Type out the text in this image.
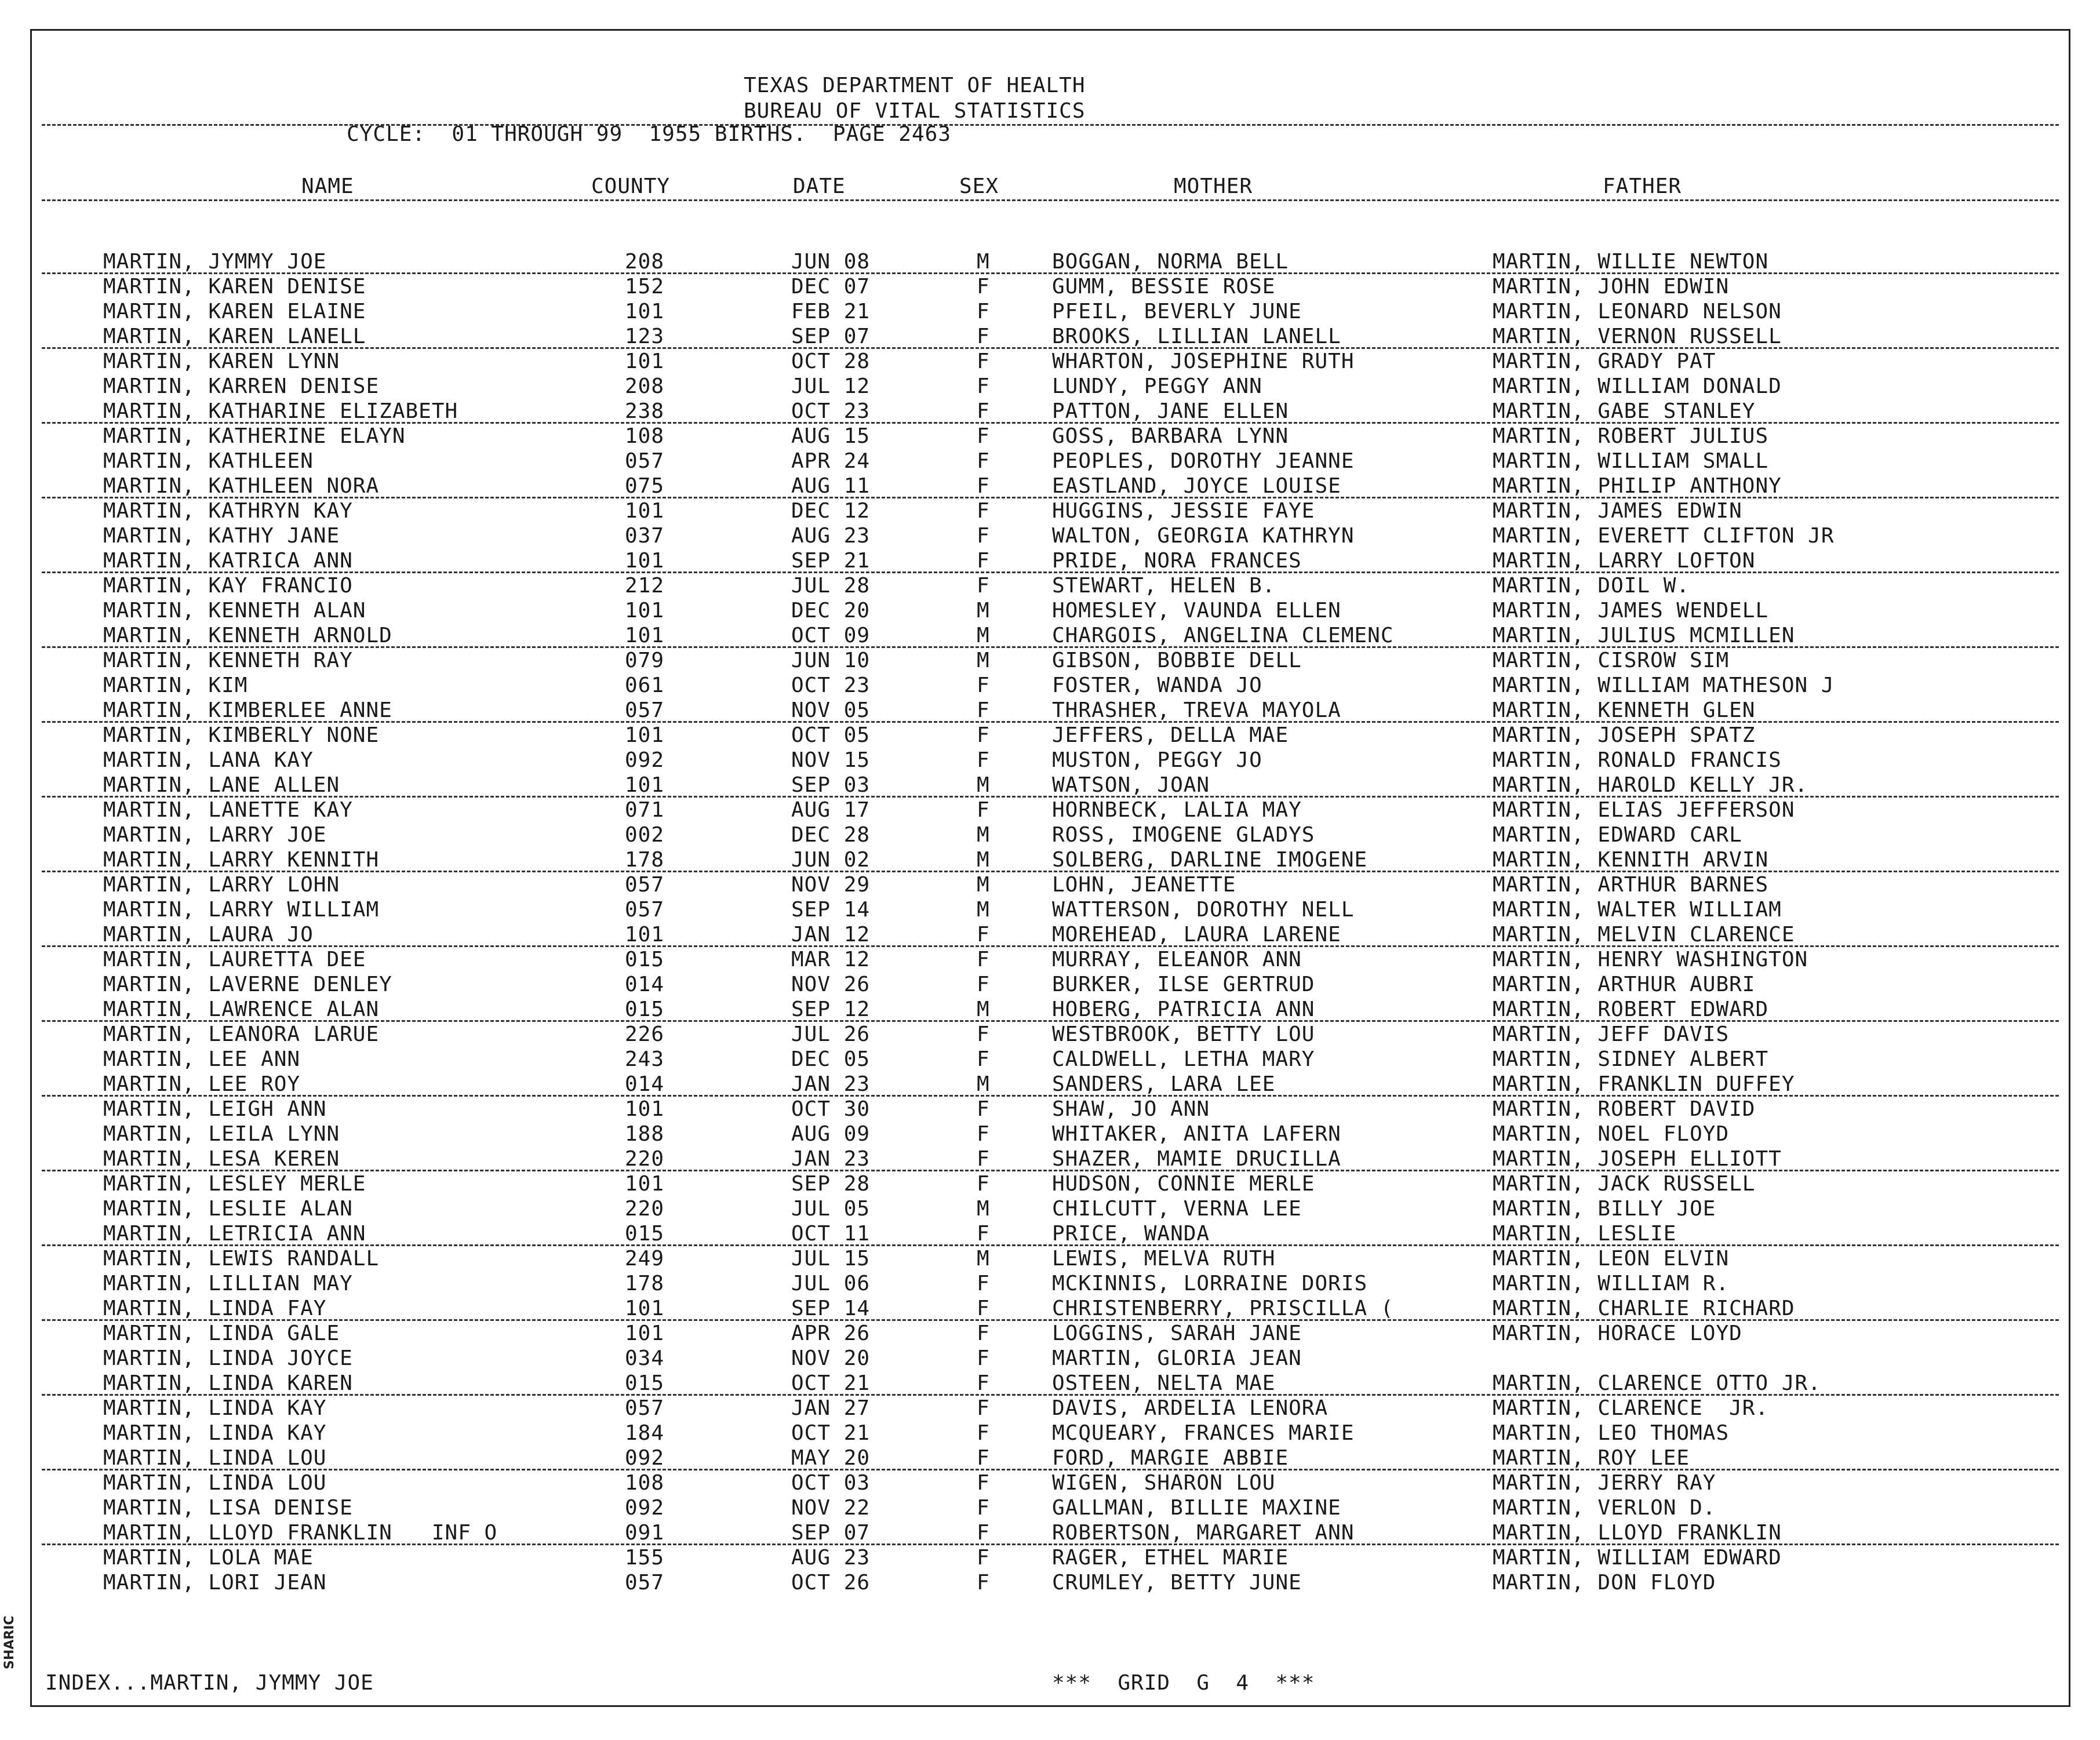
TEXAS DEPARTMENT OF HEALTH
BUREAU OF VITAL STATISTICS
CYCLE:  01 THROUGH 99  1955 BIRTHS.  PAGE 2463
NAME	COUNTY	DATE	SEX	MOTHER	FATHER
MARTIN, JYMMY JOE	208	JUN 08	M	BOGGAN, NORMA BELL	MARTIN, WILLIE NEWTON
MARTIN, KAREN DENISE	152	DEC 07	F	GUMM, BESSIE ROSE	MARTIN, JOHN EDWIN
MARTIN, KAREN ELAINE	101	FEB 21	F	PFEIL, BEVERLY JUNE	MARTIN, LEONARD NELSON
MARTIN, KAREN LANELL	123	SEP 07	F	BROOKS, LILLIAN LANELL	MARTIN, VERNON RUSSELL
MARTIN, KAREN LYNN	101	OCT 28	F	WHARTON, JOSEPHINE RUTH	MARTIN, GRADY PAT
MARTIN, KARREN DENISE	208	JUL 12	F	LUNDY, PEGGY ANN	MARTIN, WILLIAM DONALD
MARTIN, KATHARINE ELIZABETH	238	OCT 23	F	PATTON, JANE ELLEN	MARTIN, GABE STANLEY
MARTIN, KATHERINE ELAYN	108	AUG 15	F	GOSS, BARBARA LYNN	MARTIN, ROBERT JULIUS
MARTIN, KATHLEEN	057	APR 24	F	PEOPLES, DOROTHY JEANNE	MARTIN, WILLIAM SMALL
MARTIN, KATHLEEN NORA	075	AUG 11	F	EASTLAND, JOYCE LOUISE	MARTIN, PHILIP ANTHONY
MARTIN, KATHRYN KAY	101	DEC 12	F	HUGGINS, JESSIE FAYE	MARTIN, JAMES EDWIN
MARTIN, KATHY JANE	037	AUG 23	F	WALTON, GEORGIA KATHRYN	MARTIN, EVERETT CLIFTON JR
MARTIN, KATRICA ANN	101	SEP 21	F	PRIDE, NORA FRANCES	MARTIN, LARRY LOFTON
MARTIN, KAY FRANCIO	212	JUL 28	F	STEWART, HELEN B.	MARTIN, DOIL W.
MARTIN, KENNETH ALAN	101	DEC 20	M	HOMESLEY, VAUNDA ELLEN	MARTIN, JAMES WENDELL
MARTIN, KENNETH ARNOLD	101	OCT 09	M	CHARGOIS, ANGELINA CLEMENC	MARTIN, JULIUS MCMILLEN
MARTIN, KENNETH RAY	079	JUN 10	M	GIBSON, BOBBIE DELL	MARTIN, CISROW SIM
MARTIN, KIM	061	OCT 23	F	FOSTER, WANDA JO	MARTIN, WILLIAM MATHESON J
MARTIN, KIMBERLEE ANNE	057	NOV 05	F	THRASHER, TREVA MAYOLA	MARTIN, KENNETH GLEN
MARTIN, KIMBERLY NONE	101	OCT 05	F	JEFFERS, DELLA MAE	MARTIN, JOSEPH SPATZ
MARTIN, LANA KAY	092	NOV 15	F	MUSTON, PEGGY JO	MARTIN, RONALD FRANCIS
MARTIN, LANE ALLEN	101	SEP 03	M	WATSON, JOAN	MARTIN, HAROLD KELLY JR.
MARTIN, LANETTE KAY	071	AUG 17	F	HORNBECK, LALIA MAY	MARTIN, ELIAS JEFFERSON
MARTIN, LARRY JOE	002	DEC 28	M	ROSS, IMOGENE GLADYS	MARTIN, EDWARD CARL
MARTIN, LARRY KENNITH	178	JUN 02	M	SOLBERG, DARLINE IMOGENE	MARTIN, KENNITH ARVIN
MARTIN, LARRY LOHN	057	NOV 29	M	LOHN, JEANETTE	MARTIN, ARTHUR BARNES
MARTIN, LARRY WILLIAM	057	SEP 14	M	WATTERSON, DOROTHY NELL	MARTIN, WALTER WILLIAM
MARTIN, LAURA JO	101	JAN 12	F	MOREHEAD, LAURA LARENE	MARTIN, MELVIN CLARENCE
MARTIN, LAURETTA DEE	015	MAR 12	F	MURRAY, ELEANOR ANN	MARTIN, HENRY WASHINGTON
MARTIN, LAVERNE DENLEY	014	NOV 26	F	BURKER, ILSE GERTRUD	MARTIN, ARTHUR AUBRI
MARTIN, LAWRENCE ALAN	015	SEP 12	M	HOBERG, PATRICIA ANN	MARTIN, ROBERT EDWARD
MARTIN, LEANORA LARUE	226	JUL 26	F	WESTBROOK, BETTY LOU	MARTIN, JEFF DAVIS
MARTIN, LEE ANN	243	DEC 05	F	CALDWELL, LETHA MARY	MARTIN, SIDNEY ALBERT
MARTIN, LEE ROY	014	JAN 23	M	SANDERS, LARA LEE	MARTIN, FRANKLIN DUFFEY
MARTIN, LEIGH ANN	101	OCT 30	F	SHAW, JO ANN	MARTIN, ROBERT DAVID
MARTIN, LEILA LYNN	188	AUG 09	F	WHITAKER, ANITA LAFERN	MARTIN, NOEL FLOYD
MARTIN, LESA KEREN	220	JAN 23	F	SHAZER, MAMIE DRUCILLA	MARTIN, JOSEPH ELLIOTT
MARTIN, LESLEY MERLE	101	SEP 28	F	HUDSON, CONNIE MERLE	MARTIN, JACK RUSSELL
MARTIN, LESLIE ALAN	220	JUL 05	M	CHILCUTT, VERNA LEE	MARTIN, BILLY JOE
MARTIN, LETRICIA ANN	015	OCT 11	F	PRICE, WANDA	MARTIN, LESLIE
MARTIN, LEWIS RANDALL	249	JUL 15	M	LEWIS, MELVA RUTH	MARTIN, LEON ELVIN
MARTIN, LILLIAN MAY	178	JUL 06	F	MCKINNIS, LORRAINE DORIS	MARTIN, WILLIAM R.
MARTIN, LINDA FAY	101	SEP 14	F	CHRISTENBERRY, PRISCILLA (	MARTIN, CHARLIE RICHARD
MARTIN, LINDA GALE	101	APR 26	F	LOGGINS, SARAH JANE	MARTIN, HORACE LOYD
MARTIN, LINDA JOYCE	034	NOV 20	F	MARTIN, GLORIA JEAN
MARTIN, LINDA KAREN	015	OCT 21	F	OSTEEN, NELTA MAE	MARTIN, CLARENCE OTTO JR.
MARTIN, LINDA KAY	057	JAN 27	F	DAVIS, ARDELIA LENORA	MARTIN, CLARENCE  JR.
MARTIN, LINDA KAY	184	OCT 21	F	MCQUEARY, FRANCES MARIE	MARTIN, LEO THOMAS
MARTIN, LINDA LOU	092	MAY 20	F	FORD, MARGIE ABBIE	MARTIN, ROY LEE
MARTIN, LINDA LOU	108	OCT 03	F	WIGEN, SHARON LOU	MARTIN, JERRY RAY
MARTIN, LISA DENISE	092	NOV 22	F	GALLMAN, BILLIE MAXINE	MARTIN, VERLON D.
MARTIN, LLOYD FRANKLIN   INF O	091	SEP 07	F	ROBERTSON, MARGARET ANN	MARTIN, LLOYD FRANKLIN
MARTIN, LOLA MAE	155	AUG 23	F	RAGER, ETHEL MARIE	MARTIN, WILLIAM EDWARD
MARTIN, LORI JEAN	057	OCT 26	F	CRUMLEY, BETTY JUNE	MARTIN, DON FLOYD
INDEX...MARTIN, JYMMY JOE	***  GRID  G  4  ***
SHARIC
